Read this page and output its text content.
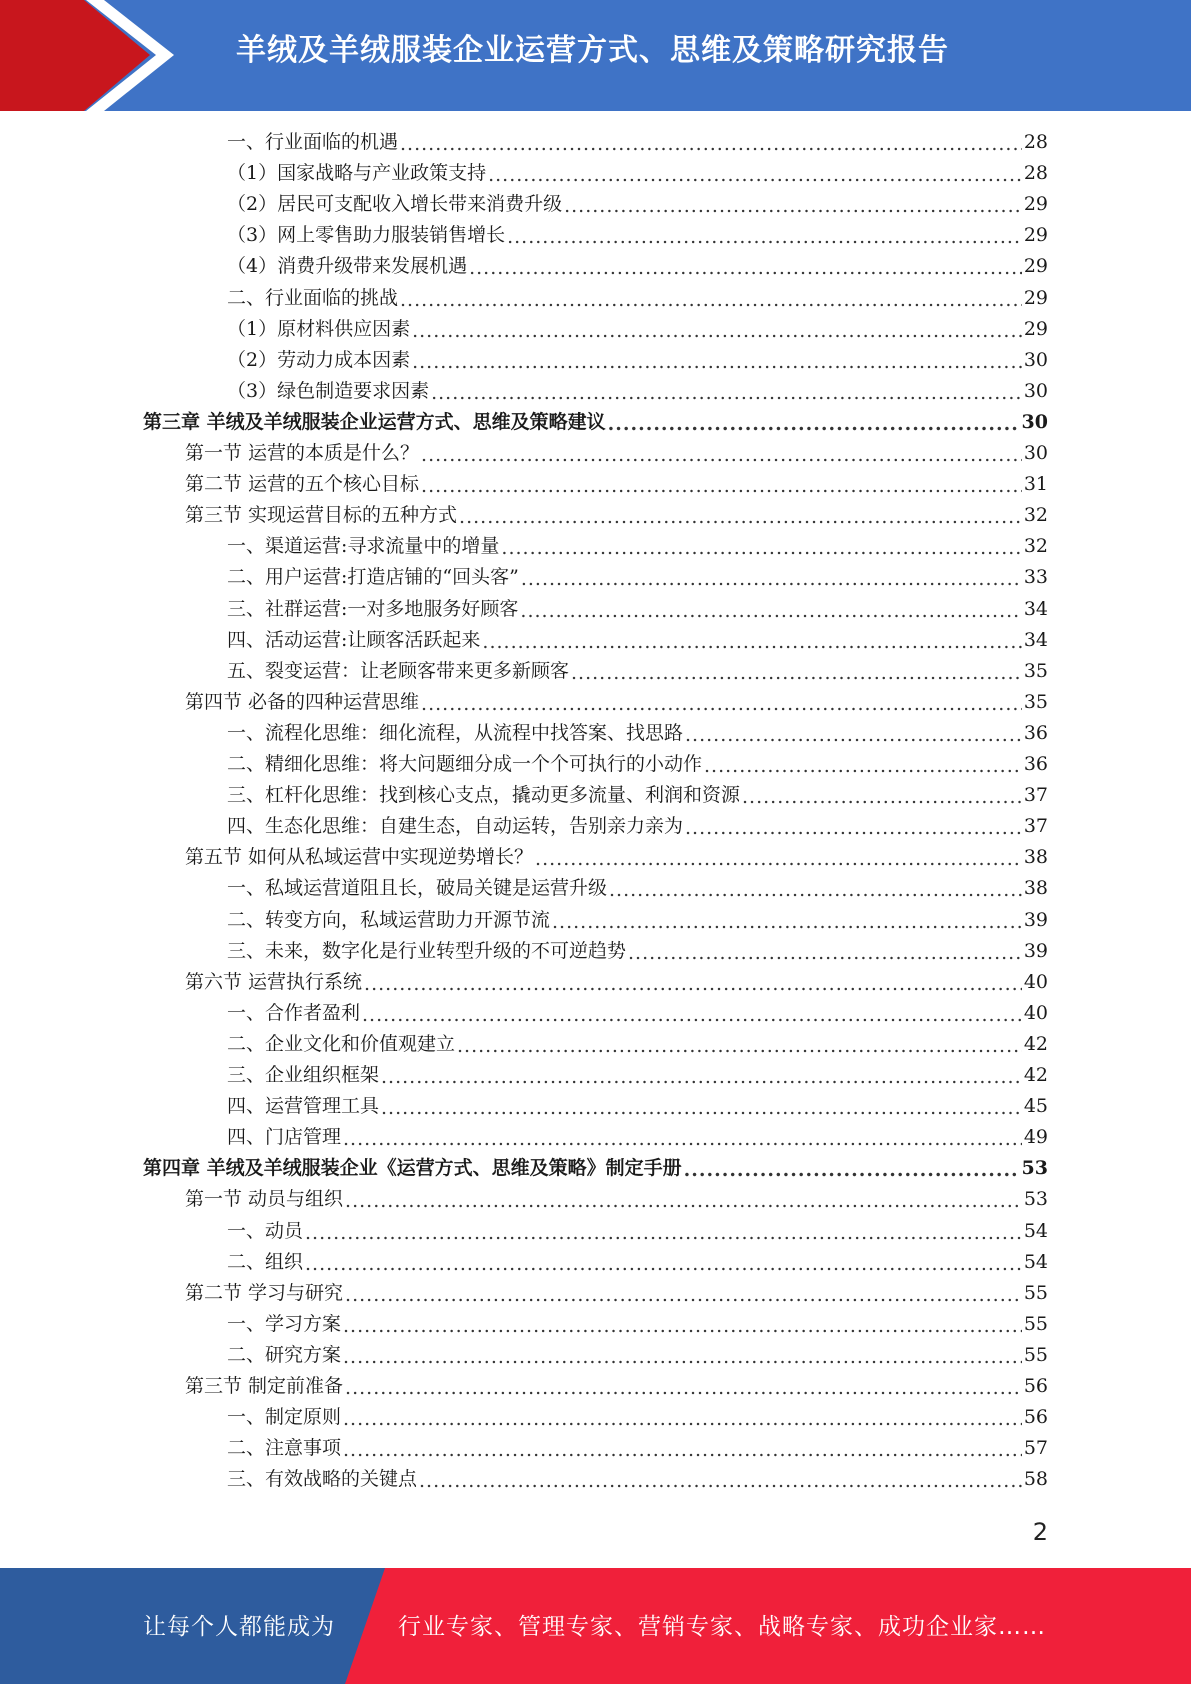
羊绒及羊绒服装企业运营方式、思维及策略研究报告
一、行业面临的机遇 .....	28
（1）国家战略与产业政策支持 .....	28
（2）居民可支配收入增长带来消费升级 .....	29
（3）网上零售助力服装销售增长 .....	29
（4）消费升级带来发展机遇 .....	29
二、行业面临的挑战 .....	29
（1）原材料供应因素 .....	29
（2）劳动力成本因素 .....	30
（3）绿色制造要求因素 .....	30
第三章 羊绒及羊绒服装企业运营方式、思维及策略建议 .....	30
第一节 运营的本质是什么？ .....	30
第二节 运营的五个核心目标 .....	31
第三节 实现运营目标的五种方式 .....	32
一、渠道运营:寻求流量中的增量 .....	32
二、用户运营:打造店铺的“回头客” .....	33
三、社群运营:一对多地服务好顾客 .....	34
四、活动运营:让顾客活跃起来 .....	34
五、裂变运营：让老顾客带来更多新顾客 .....	35
第四节 必备的四种运营思维 .....	35
一、流程化思维：细化流程，从流程中找答案、找思路 .....	36
二、精细化思维：将大问题细分成一个个可执行的小动作 .....	36
三、杠杆化思维：找到核心支点，撬动更多流量、利润和资源 .....	37
四、生态化思维：自建生态，自动运转，告别亲力亲为 .....	37
第五节 如何从私域运营中实现逆势增长？ .....	38
一、私域运营道阻且长，破局关键是运营升级 .....	38
二、转变方向，私域运营助力开源节流 .....	39
三、未来，数字化是行业转型升级的不可逆趋势 .....	39
第六节 运营执行系统 .....	40
一、合作者盈利 .....	40
二、企业文化和价值观建立 .....	42
三、企业组织框架 .....	42
四、运营管理工具 .....	45
四、门店管理 .....	49
第四章 羊绒及羊绒服装企业《运营方式、思维及策略》制定手册 .....	53
第一节 动员与组织 .....	53
一、动员 .....	54
二、组织 .....	54
第二节 学习与研究 .....	55
一、学习方案 .....	55
二、研究方案 .....	55
第三节 制定前准备 .....	56
一、制定原则 .....	56
二、注意事项 .....	57
三、有效战略的关键点 .....	58
2
让每个人都能成为	行业专家、管理专家、营销专家、战略专家、成功企业家……
